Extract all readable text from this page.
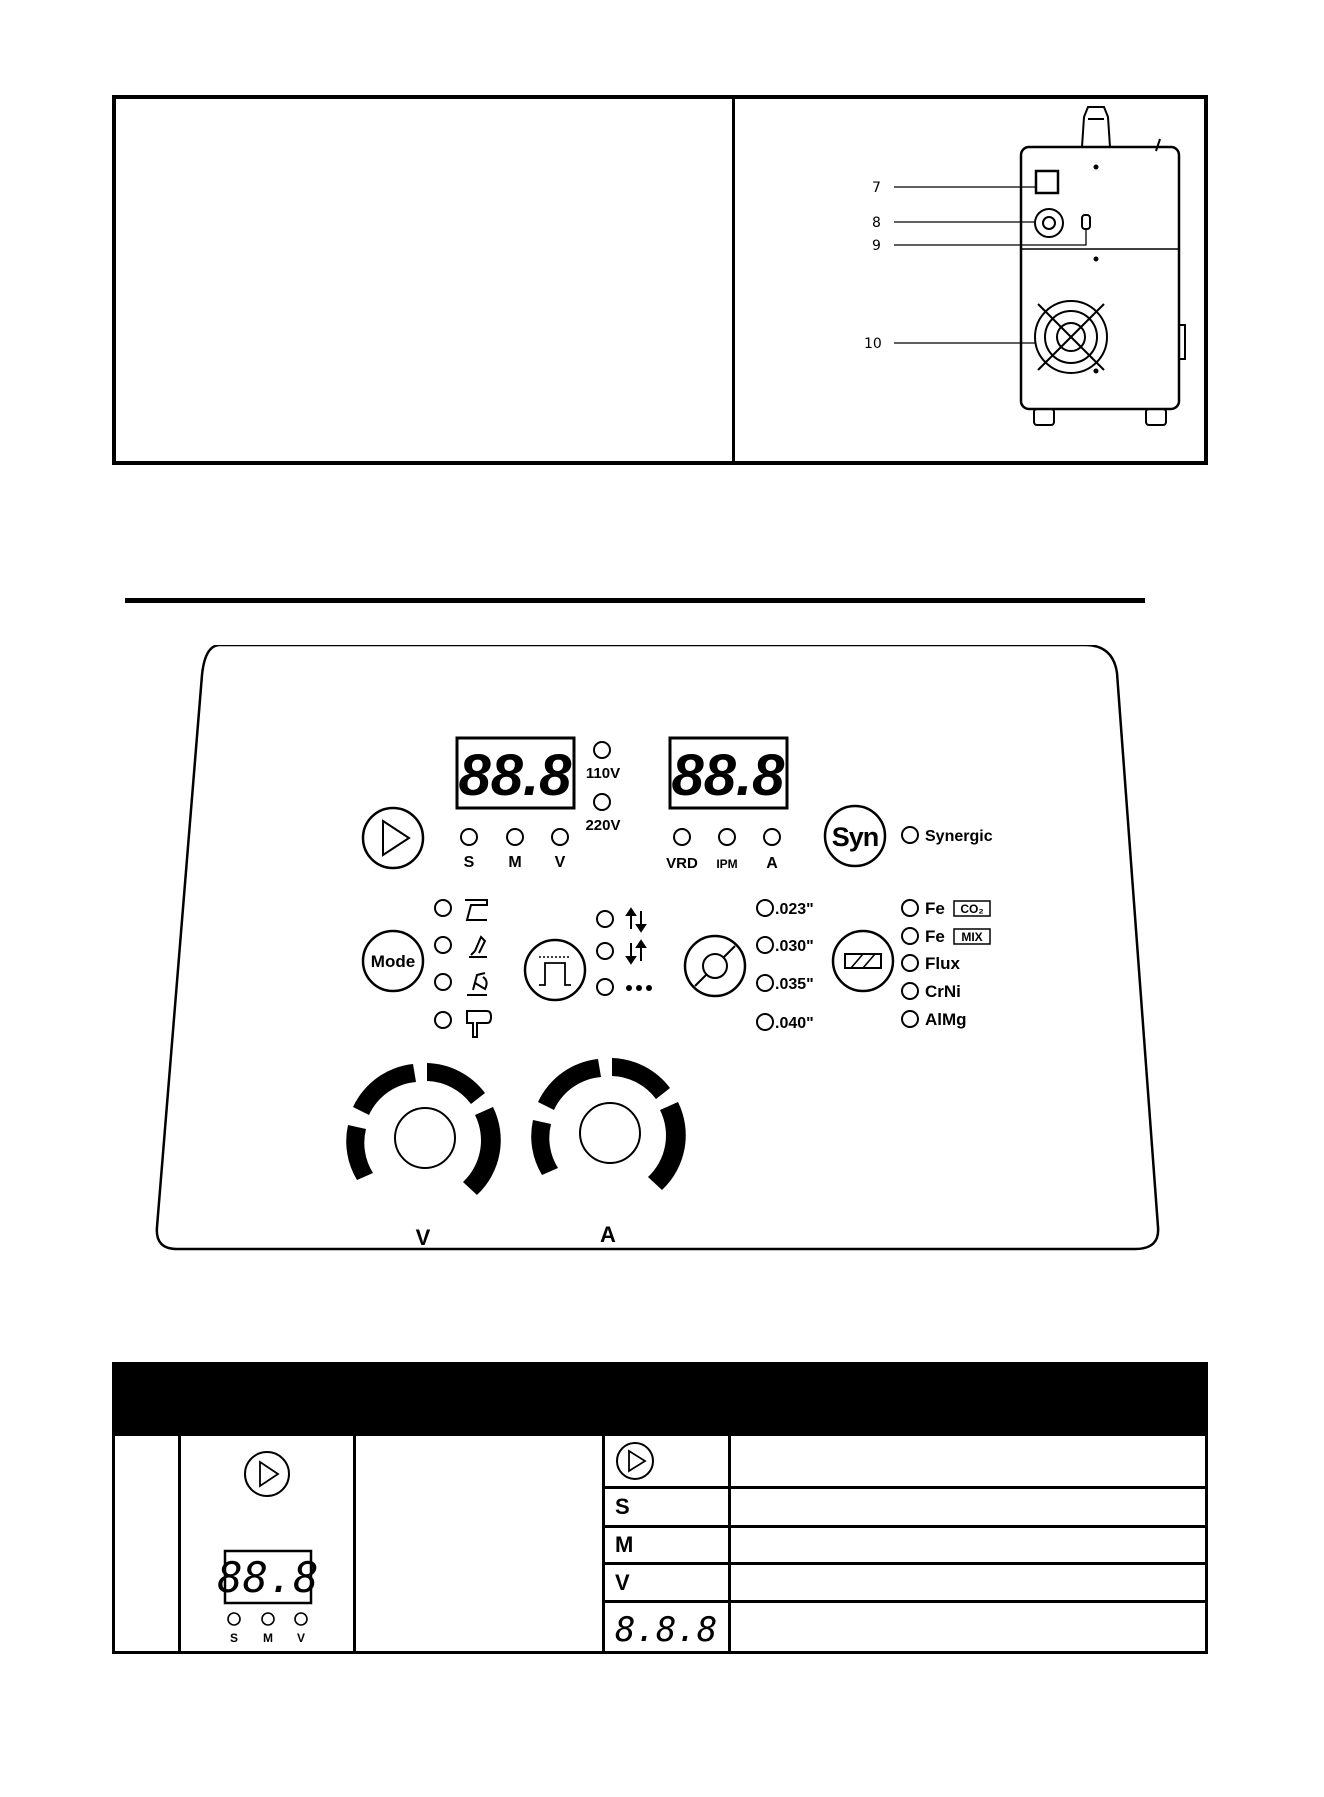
7
8
9
10
88.8 88.8
110V
220V
S M V	VRD IPM A
Syn	Synergic
Mode
.023"
.030"
.035"
.040"
Fe CO₂
Fe MIX
Flux
CrNi
AlMg
V	A
88.8
S M V
S
M
V
8.8.8
